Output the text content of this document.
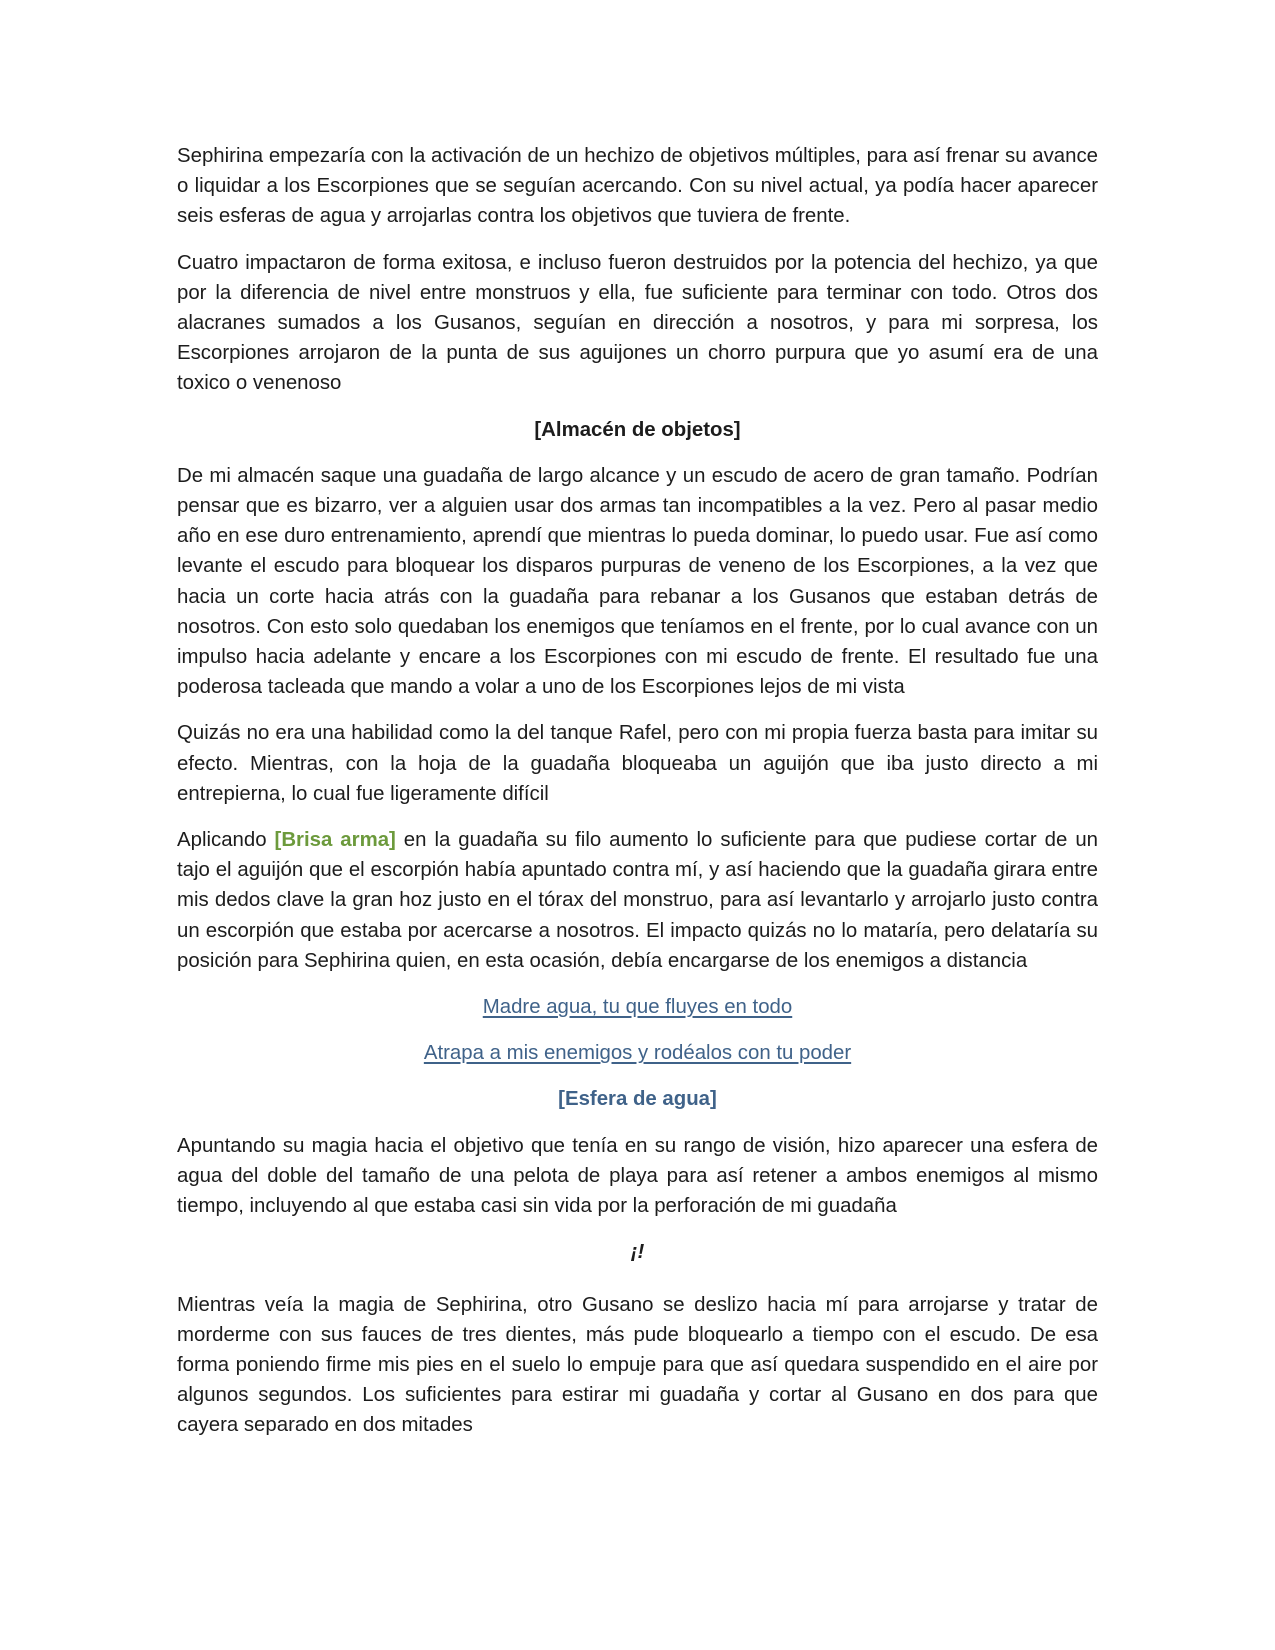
Sephirina empezaría con la activación de un hechizo de objetivos múltiples, para así frenar su avance o liquidar a los Escorpiones que se seguían acercando. Con su nivel actual, ya podía hacer aparecer seis esferas de agua y arrojarlas contra los objetivos que tuviera de frente.

Cuatro impactaron de forma exitosa, e incluso fueron destruidos por la potencia del hechizo, ya que por la diferencia de nivel entre monstruos y ella, fue suficiente para terminar con todo. Otros dos alacranes sumados a los Gusanos, seguían en dirección a nosotros, y para mi sorpresa, los Escorpiones arrojaron de la punta de sus aguijones un chorro purpura que yo asumí era de una toxico o venenoso

[Almacén de objetos]

De mi almacén saque una guadaña de largo alcance y un escudo de acero de gran tamaño. Podrían pensar que es bizarro, ver a alguien usar dos armas tan incompatibles a la vez. Pero al pasar medio año en ese duro entrenamiento, aprendí que mientras lo pueda dominar, lo puedo usar. Fue así como levante el escudo para bloquear los disparos purpuras de veneno de los Escorpiones, a la vez que hacia un corte hacia atrás con la guadaña para rebanar a los Gusanos que estaban detrás de nosotros. Con esto solo quedaban los enemigos que teníamos en el frente, por lo cual avance con un impulso hacia adelante y encare a los Escorpiones con mi escudo de frente. El resultado fue una poderosa tacleada que mando a volar a uno de los Escorpiones lejos de mi vista

Quizás no era una habilidad como la del tanque Rafel, pero con mi propia fuerza basta para imitar su efecto. Mientras, con la hoja de la guadaña bloqueaba un aguijón que iba justo directo a mi entrepierna, lo cual fue ligeramente difícil

Aplicando [Brisa arma] en la guadaña su filo aumento lo suficiente para que pudiese cortar de un tajo el aguijón que el escorpión había apuntado contra mí, y así haciendo que la guadaña girara entre mis dedos clave la gran hoz justo en el tórax del monstruo, para así levantarlo y arrojarlo justo contra un escorpión que estaba por acercarse a nosotros. El impacto quizás no lo mataría, pero delataría su posición para Sephirina quien, en esta ocasión, debía encargarse de los enemigos a distancia

Madre agua, tu que fluyes en todo

Atrapa a mis enemigos y rodéalos con tu poder

[Esfera de agua]

Apuntando su magia hacia el objetivo que tenía en su rango de visión, hizo aparecer una esfera de agua del doble del tamaño de una pelota de playa para así retener a ambos enemigos al mismo tiempo, incluyendo al que estaba casi sin vida por la perforación de mi guadaña

¡!

Mientras veía la magia de Sephirina, otro Gusano se deslizo hacia mí para arrojarse y tratar de morderme con sus fauces de tres dientes, más pude bloquearlo a tiempo con el escudo. De esa forma poniendo firme mis pies en el suelo lo empuje para que así quedara suspendido en el aire por algunos segundos. Los suficientes para estirar mi guadaña y cortar al Gusano en dos para que cayera separado en dos mitades
